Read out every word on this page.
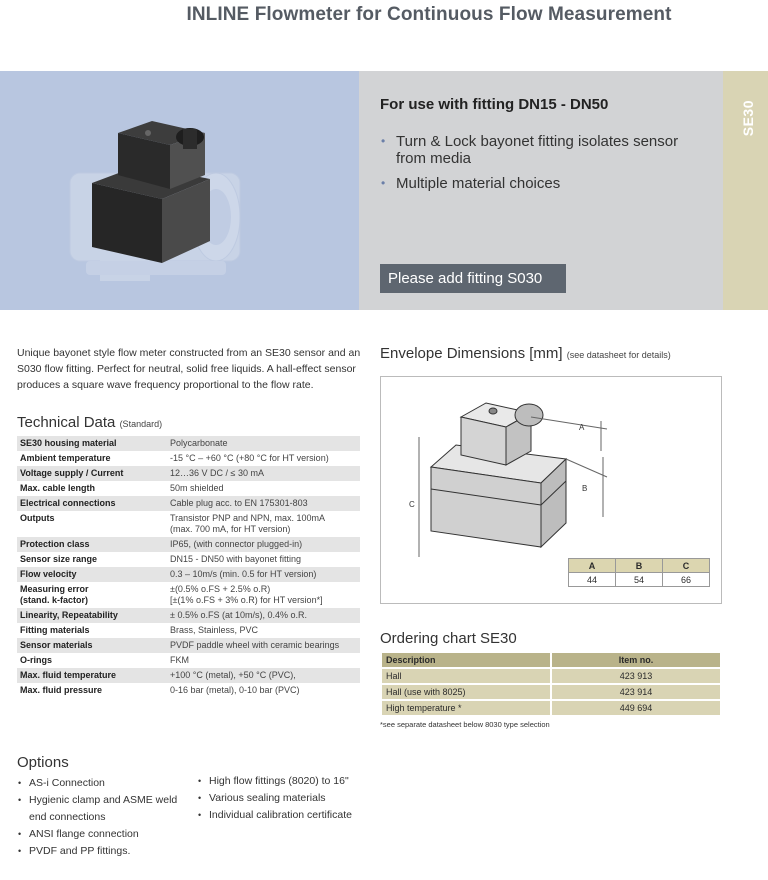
INLINE Flowmeter for Continuous Flow Measurement
SE30
For use with fitting DN15 - DN50
• Turn & Lock bayonet fitting isolates sensor from media
• Multiple material choices
Please add fitting S030

Unique bayonet style flow meter constructed from an SE30 sensor and an S030 flow fitting. Perfect for neutral, solid free liquids. A hall-effect sensor produces a square wave frequency proportional to the flow rate.

Technical Data (Standard)
SE30 housing material	Polycarbonate
Ambient temperature	-15 °C – +60 °C (+80 °C for HT version)
Voltage supply / Current	12…36 V DC / ≤ 30 mA
Max. cable length	50m shielded
Electrical connections	Cable plug acc. to EN 175301-803
Outputs	Transistor PNP and NPN, max. 100mA
(max. 700 mA, for HT version)
Protection class	IP65, (with connector plugged-in)
Sensor size range	DN15 - DN50 with bayonet fitting
Flow velocity	0.3 – 10m/s (min. 0.5 for HT version)
Measuring error
(stand. k-factor)	±(0.5% o.FS + 2.5% o.R)
[±(1% o.FS + 3% o.R) for HT version*]
Linearity, Repeatability	± 0.5% o.FS (at 10m/s), 0.4% o.R.
Fitting materials	Brass, Stainless, PVC
Sensor materials	PVDF paddle wheel with ceramic bearings
O-rings	FKM
Max. fluid temperature	+100 °C (metal), +50 °C (PVC),
Max. fluid pressure	0-16 bar (metal), 0-10 bar (PVC)
Envelope Dimensions [mm] (see datasheet for details)
C
A
B
A	B	C
44	54	66
Ordering chart SE30
Description	Item no.
Hall	423 913
Hall (use with 8025)	423 914
High temperature *	449 694
*see separate datasheet below 8030 type selection
Options
• AS-i Connection
• Hygienic clamp and ASME weld end connections
• ANSI flange connection
• PVDF and PP fittings.
• High flow fittings (8020) to 16"
• Various sealing materials
• Individual calibration certificate
